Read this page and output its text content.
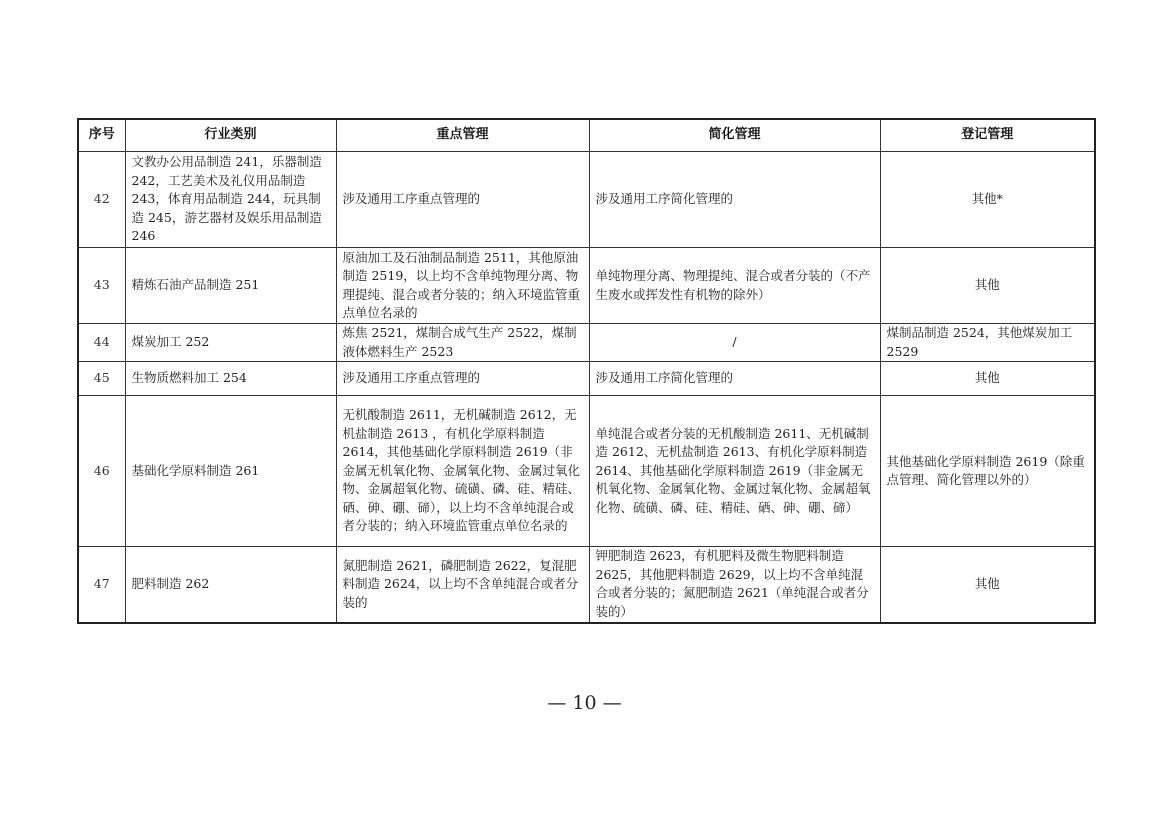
序号	行业类别	重点管理	简化管理	登记管理
42	文教办公用品制造 241，乐器制造 242，工艺美术及礼仪用品制造 243，体育用品制造 244，玩具制造 245，游艺器材及娱乐用品制造 246	涉及通用工序重点管理的	涉及通用工序简化管理的	其他*
43	精炼石油产品制造 251	原油加工及石油制品制造 2511，其他原油制造 2519，以上均不含单纯物理分离、物理提纯、混合或者分装的；纳入环境监管重点单位名录的	单纯物理分离、物理提纯、混合或者分装的（不产生废水或挥发性有机物的除外）	其他
44	煤炭加工 252	炼焦 2521，煤制合成气生产 2522，煤制液体燃料生产 2523	/	煤制品制造 2524，其他煤炭加工 2529
45	生物质燃料加工 254	涉及通用工序重点管理的	涉及通用工序简化管理的	其他
46	基础化学原料制造 261	无机酸制造 2611，无机碱制造 2612，无机盐制造 2613 ，有机化学原料制造 2614，其他基础化学原料制造 2619（非金属无机氧化物、金属氧化物、金属过氧化物、金属超氧化物、硫磺、磷、硅、精硅、硒、砷、硼、碲），以上均不含单纯混合或者分装的；纳入环境监管重点单位名录的	单纯混合或者分装的无机酸制造 2611、无机碱制造 2612、无机盐制造 2613、有机化学原料制造 2614、其他基础化学原料制造 2619（非金属无机氧化物、金属氧化物、金属过氧化物、金属超氧化物、硫磺、磷、硅、精硅、硒、砷、硼、碲）	其他基础化学原料制造 2619（除重点管理、简化管理以外的）
47	肥料制造 262	氮肥制造 2621，磷肥制造 2622，复混肥料制造 2624，以上均不含单纯混合或者分装的	钾肥制造 2623，有机肥料及微生物肥料制造 2625，其他肥料制造 2629，以上均不含单纯混合或者分装的；氮肥制造 2621（单纯混合或者分装的）	其他
— 10 —
